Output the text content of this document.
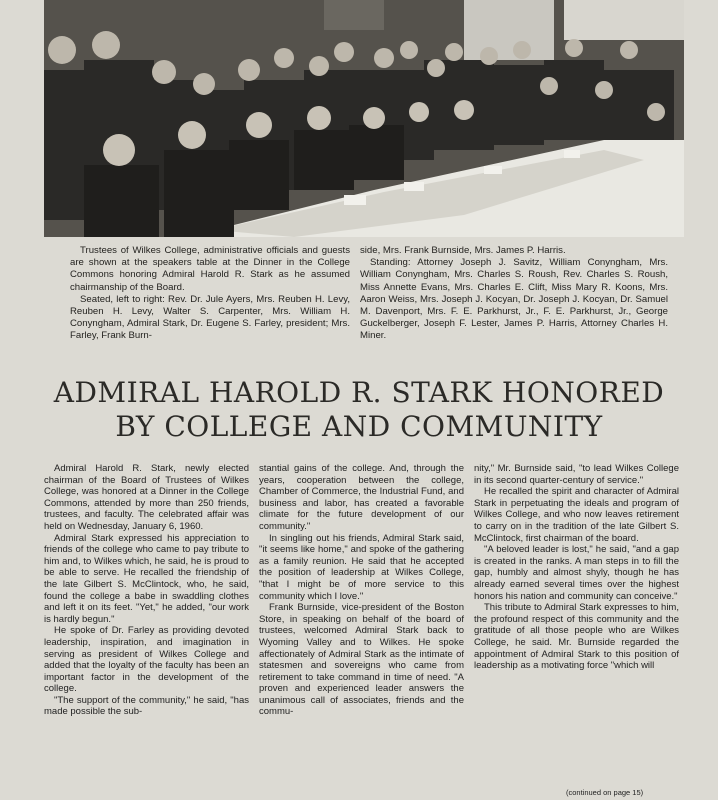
Trustees of Wilkes College, administrative officials and guests are shown at the speakers table at the Dinner in the College Commons honoring Admiral Harold R. Stark as he assumed chairmanship of the Board.

Seated, left to right: Rev. Dr. Jule Ayers, Mrs. Reuben H. Levy, Reuben H. Levy, Walter S. Carpenter, Mrs. William H. Conyngham, Admiral Stark, Dr. Eugene S. Farley, president; Mrs. Farley, Frank Burn-

side, Mrs. Frank Burnside, Mrs. James P. Harris.

Standing: Attorney Joseph J. Savitz, William Conyngham, Mrs. William Conyngham, Mrs. Charles S. Roush, Rev. Charles S. Roush, Miss Annette Evans, Mrs. Charles E. Clift, Miss Mary R. Koons, Mrs. Aaron Weiss, Mrs. Joseph J. Kocyan, Dr. Joseph J. Kocyan, Dr. Samuel M. Davenport, Mrs. F. E. Parkhurst, Jr., F. E. Parkhurst, Jr., George Guckelberger, Joseph F. Lester, James P. Harris, Attorney Charles H. Miner.

ADMIRAL HAROLD R. STARK HONORED
BY COLLEGE AND COMMUNITY

Admiral Harold R. Stark, newly elected chairman of the Board of Trustees of Wilkes College, was honored at a Dinner in the College Commons, attended by more than 250 friends, trustees, and faculty. The celebrated affair was held on Wednesday, January 6, 1960.

Admiral Stark expressed his appreciation to friends of the college who came to pay tribute to him and, to Wilkes which, he said, he is proud to be able to serve. He recalled the friendship of the late Gilbert S. McClintock, who, he said, found the college a babe in swaddling clothes and left it on its feet. "Yet," he added, "our work is hardly begun."

He spoke of Dr. Farley as providing devoted leadership, inspiration, and imagination in serving as president of Wilkes College and added that the loyalty of the faculty has been an important factor in the development of the college.

"The support of the community," he said, "has made possible the sub-

stantial gains of the college. And, through the years, cooperation between the college, Chamber of Commerce, the Industrial Fund, and business and labor, has created a favorable climate for the future development of our community."

In singling out his friends, Admiral Stark said, "it seems like home," and spoke of the gathering as a family reunion. He said that he accepted the position of leadership at Wilkes College, "that I might be of more service to this community which I love."

Frank Burnside, vice-president of the Boston Store, in speaking on behalf of the board of trustees, welcomed Admiral Stark back to Wyoming Valley and to Wilkes. He spoke affectionately of Admiral Stark as the intimate of statesmen and sovereigns who came from retirement to take command in time of need. "A proven and experienced leader answers the unanimous call of associates, friends and the commu-

nity," Mr. Burnside said, "to lead Wilkes College in its second quarter-century of service."

He recalled the spirit and character of Admiral Stark in perpetuating the ideals and program of Wilkes College, and who now leaves retirement to carry on in the tradition of the late Gilbert S. McClintock, first chairman of the board.

"A beloved leader is lost," he said, "and a gap is created in the ranks. A man steps in to fill the gap, humbly and almost shyly, though he has already earned several times over the highest honors his nation and community can conceive."

This tribute to Admiral Stark expresses to him, the profound respect of this community and the gratitude of all those people who are Wilkes College, he said. Mr. Burnside regarded the appointment of Admiral Stark to this position of leadership as a motivating force "which will

(continued on page 15)
